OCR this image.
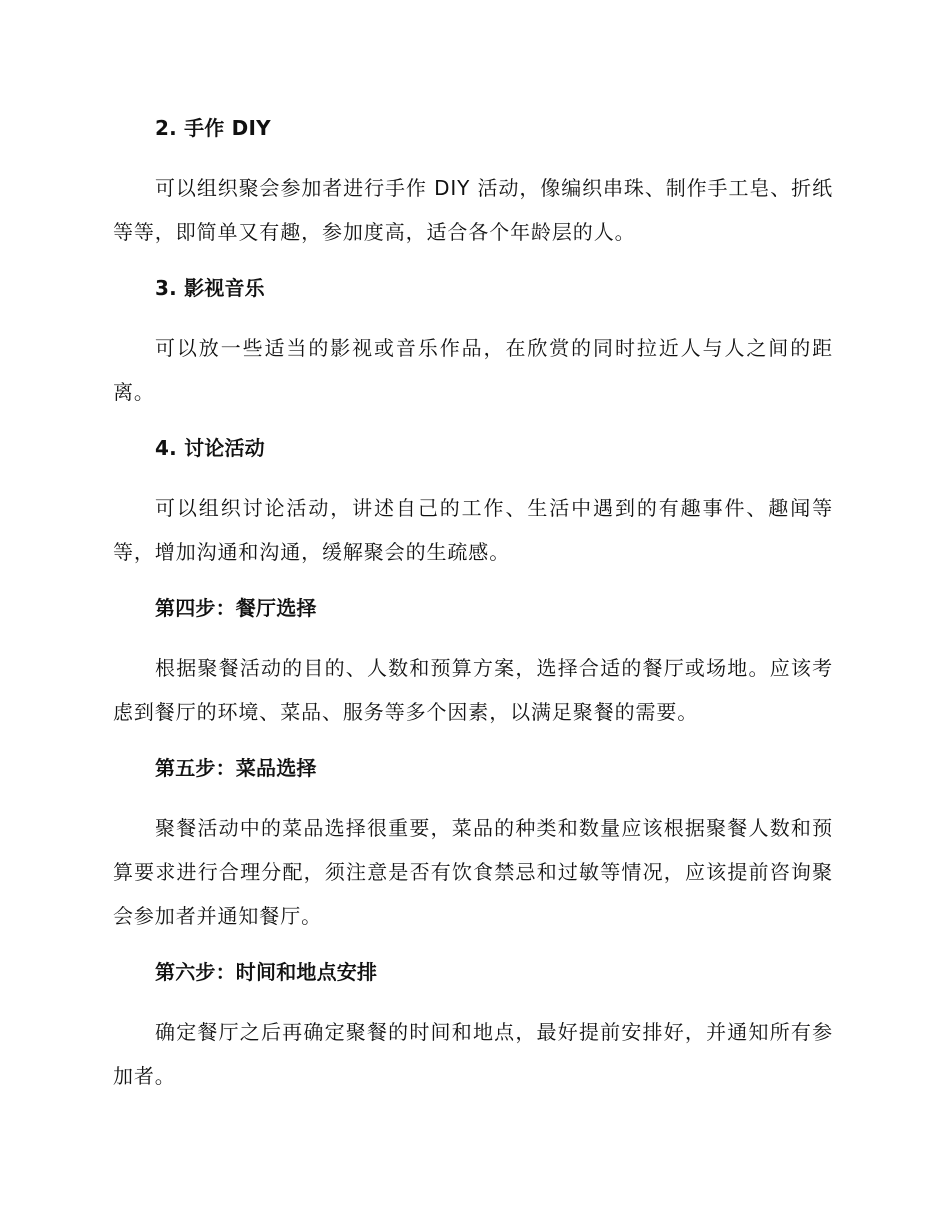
2. 手作 DIY

可以组织聚会参加者进行手作 DIY 活动，像编织串珠、制作手工皂、折纸等等，即简单又有趣，参加度高，适合各个年龄层的人。

3. 影视音乐

可以放一些适当的影视或音乐作品，在欣赏的同时拉近人与人之间的距离。

4. 讨论活动

可以组织讨论活动，讲述自己的工作、生活中遇到的有趣事件、趣闻等等，增加沟通和沟通，缓解聚会的生疏感。

第四步：餐厅选择

根据聚餐活动的目的、人数和预算方案，选择合适的餐厅或场地。应该考虑到餐厅的环境、菜品、服务等多个因素，以满足聚餐的需要。

第五步：菜品选择

聚餐活动中的菜品选择很重要，菜品的种类和数量应该根据聚餐人数和预算要求进行合理分配，须注意是否有饮食禁忌和过敏等情况，应该提前咨询聚会参加者并通知餐厅。

第六步：时间和地点安排

确定餐厅之后再确定聚餐的时间和地点，最好提前安排好，并通知所有参加者。
